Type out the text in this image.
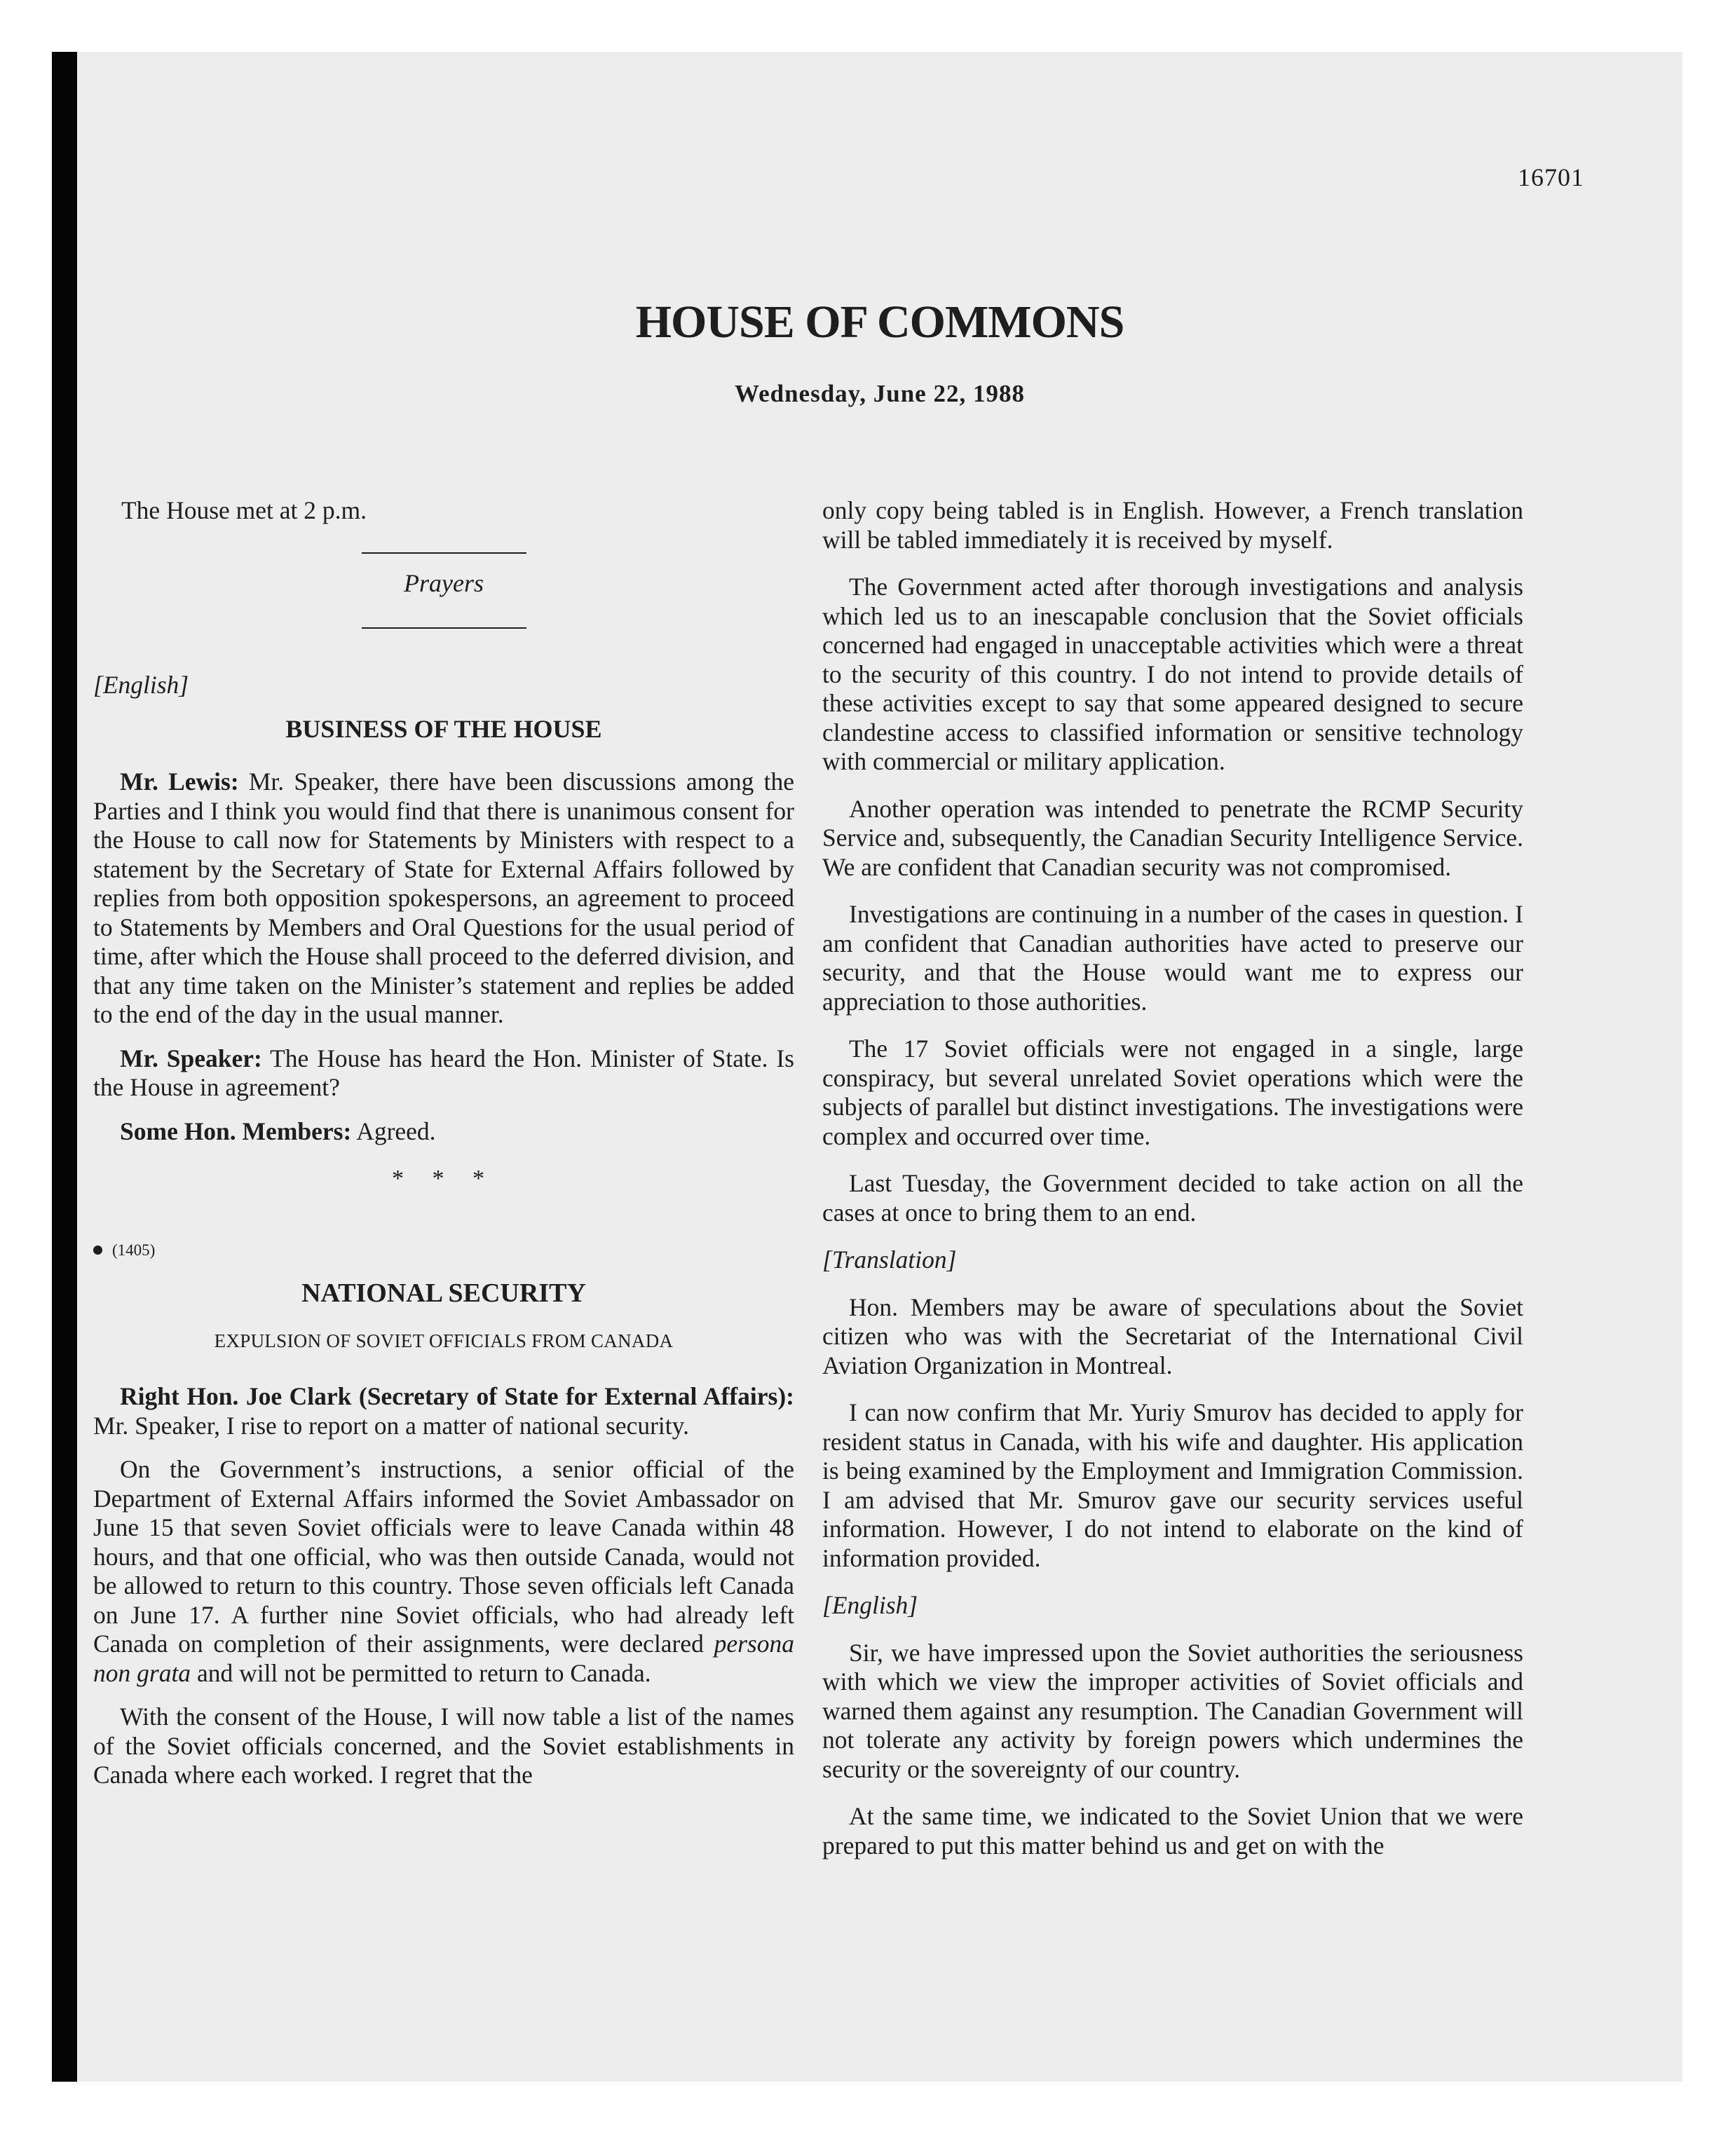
16701
HOUSE OF COMMONS
Wednesday, June 22, 1988

The House met at 2 p.m.

Prayers

[English]

BUSINESS OF THE HOUSE

Mr. Lewis: Mr. Speaker, there have been discussions among the Parties and I think you would find that there is unanimous consent for the House to call now for Statements by Ministers with respect to a statement by the Secretary of State for External Affairs followed by replies from both opposition spokespersons, an agreement to proceed to Statements by Members and Oral Questions for the usual period of time, after which the House shall proceed to the deferred division, and that any time taken on the Minister’s statement and replies be added to the end of the day in the usual manner.

Mr. Speaker: The House has heard the Hon. Minister of State. Is the House in agreement?

Some Hon. Members: Agreed.

* * *

(1405)

NATIONAL SECURITY
EXPULSION OF SOVIET OFFICIALS FROM CANADA

Right Hon. Joe Clark (Secretary of State for External Affairs): Mr. Speaker, I rise to report on a matter of national security.

On the Government’s instructions, a senior official of the Department of External Affairs informed the Soviet Ambassador on June 15 that seven Soviet officials were to leave Canada within 48 hours, and that one official, who was then outside Canada, would not be allowed to return to this country. Those seven officials left Canada on June 17. A further nine Soviet officials, who had already left Canada on completion of their assignments, were declared persona non grata and will not be permitted to return to Canada.

With the consent of the House, I will now table a list of the names of the Soviet officials concerned, and the Soviet establishments in Canada where each worked. I regret that the

only copy being tabled is in English. However, a French translation will be tabled immediately it is received by myself.

The Government acted after thorough investigations and analysis which led us to an inescapable conclusion that the Soviet officials concerned had engaged in unacceptable activities which were a threat to the security of this country. I do not intend to provide details of these activities except to say that some appeared designed to secure clandestine access to classified information or sensitive technology with commercial or military application.

Another operation was intended to penetrate the RCMP Security Service and, subsequently, the Canadian Security Intelligence Service. We are confident that Canadian security was not compromised.

Investigations are continuing in a number of the cases in question. I am confident that Canadian authorities have acted to preserve our security, and that the House would want me to express our appreciation to those authorities.

The 17 Soviet officials were not engaged in a single, large conspiracy, but several unrelated Soviet operations which were the subjects of parallel but distinct investigations. The investigations were complex and occurred over time.

Last Tuesday, the Government decided to take action on all the cases at once to bring them to an end.

[Translation]

Hon. Members may be aware of speculations about the Soviet citizen who was with the Secretariat of the International Civil Aviation Organization in Montreal.

I can now confirm that Mr. Yuriy Smurov has decided to apply for resident status in Canada, with his wife and daughter. His application is being examined by the Employment and Immigration Commission. I am advised that Mr. Smurov gave our security services useful information. However, I do not intend to elaborate on the kind of information provided.

[English]

Sir, we have impressed upon the Soviet authorities the seriousness with which we view the improper activities of Soviet officials and warned them against any resumption. The Canadian Government will not tolerate any activity by foreign powers which undermines the security or the sovereignty of our country.

At the same time, we indicated to the Soviet Union that we were prepared to put this matter behind us and get on with the
